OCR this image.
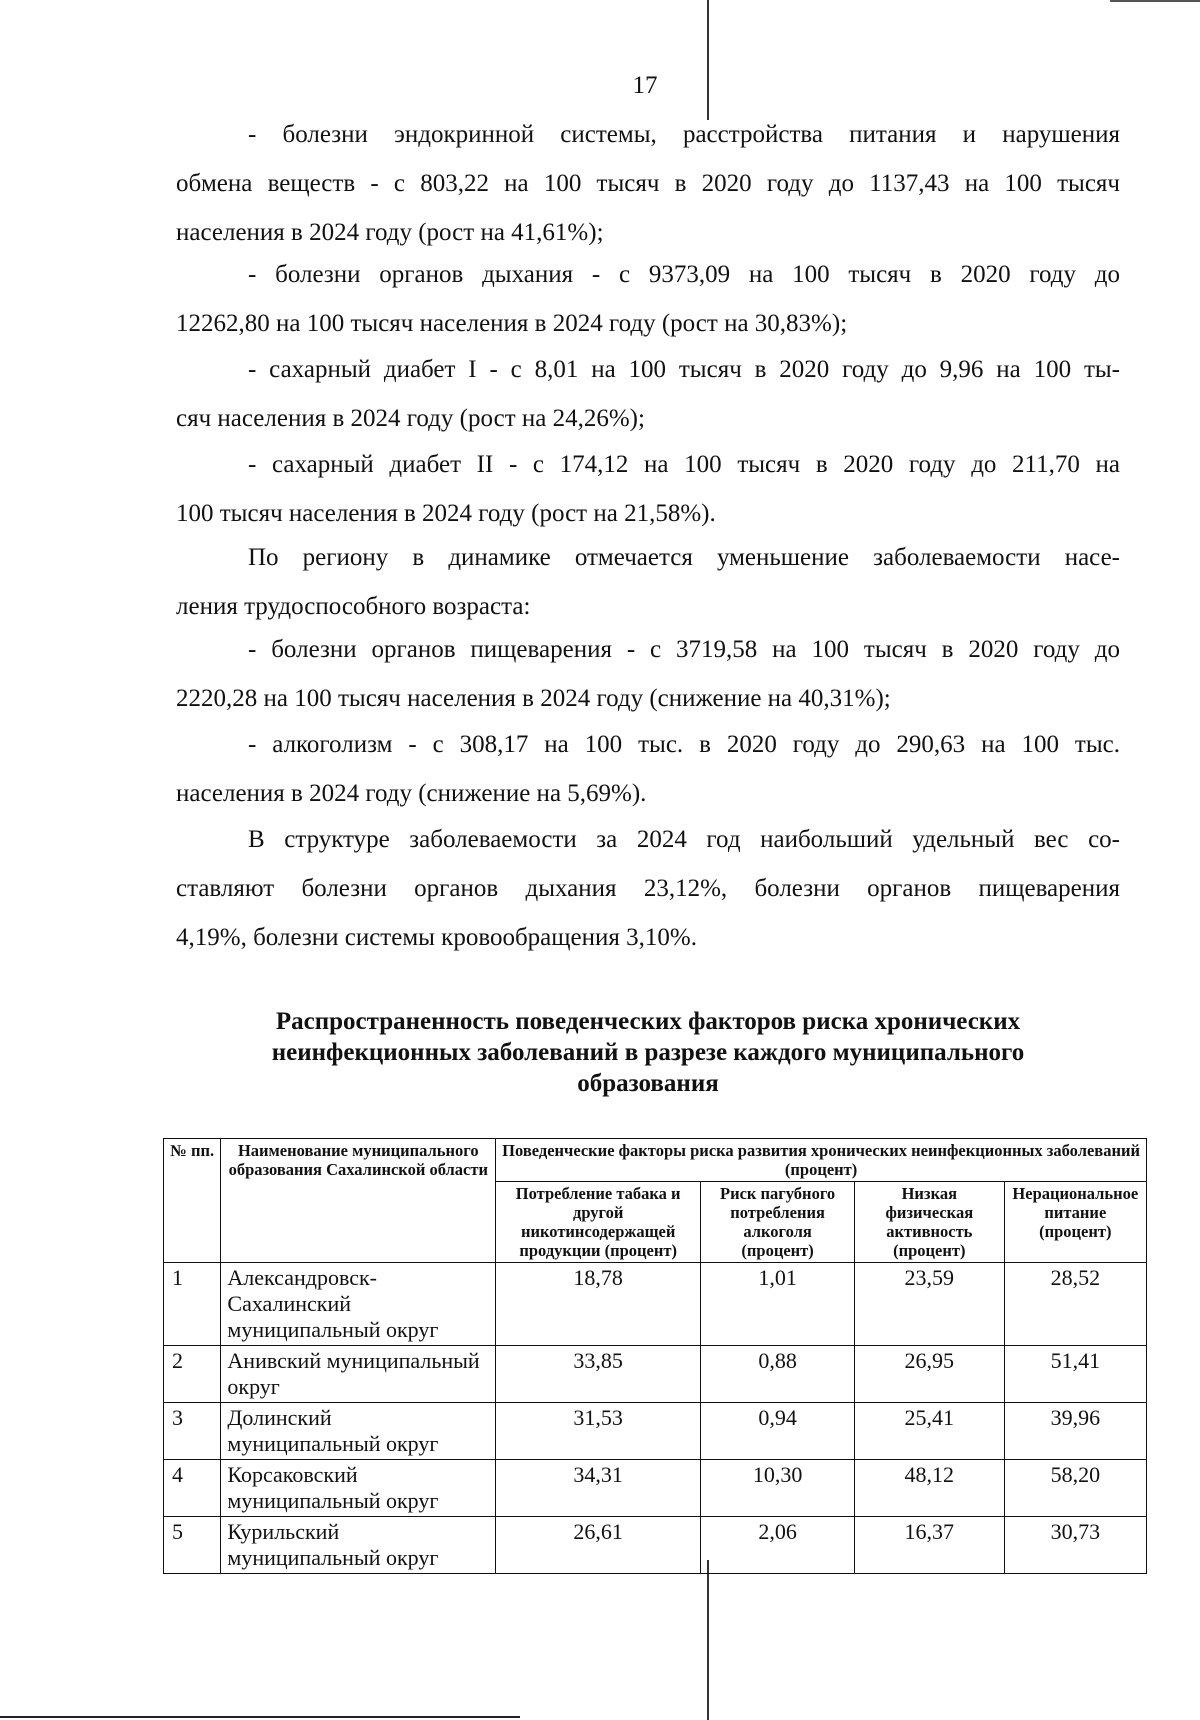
17
- болезни эндокринной системы, расстройства питания и нарушения
обмена веществ - с 803,22 на 100 тысяч в 2020 году до 1137,43 на 100 тысяч
населения в 2024 году (рост на 41,61%);
- болезни органов дыхания - с 9373,09 на 100 тысяч в 2020 году до
12262,80 на 100 тысяч населения в 2024 году (рост на 30,83%);
- сахарный диабет I - с 8,01 на 100 тысяч в 2020 году до 9,96 на 100 ты-
сяч населения в 2024 году (рост на 24,26%);
- сахарный диабет II - с 174,12 на 100 тысяч в 2020 году до 211,70 на
100 тысяч населения в 2024 году (рост на 21,58%).
По региону в динамике отмечается уменьшение заболеваемости насе-
ления трудоспособного возраста:
- болезни органов пищеварения - с 3719,58 на 100 тысяч в 2020 году до
2220,28 на 100 тысяч населения в 2024 году (снижение на 40,31%);
- алкоголизм - с 308,17 на 100 тыс. в 2020 году до 290,63 на 100 тыс.
населения в 2024 году (снижение на 5,69%).
В структуре заболеваемости за 2024 год наибольший удельный вес со-
ставляют болезни органов дыхания 23,12%, болезни органов пищеварения
4,19%, болезни системы кровообращения 3,10%.
Распространенность поведенческих факторов риска хронических
неинфекционных заболеваний в разрезе каждого муниципального
образования
№ пп.	Наименование муниципального образования Сахалинской области	Поведенческие факторы риска развития хронических неинфекционных заболеваний (процент)			
		Потребление табака и другой никотинсодержащей продукции (процент)	Риск пагубного потребления алкоголя (процент)	Низкая физическая активность (процент)	Нерациональное питание (процент)
1	Александровск-Сахалинский муниципальный округ	18,78	1,01	23,59	28,52
2	Анивский муниципальный округ	33,85	0,88	26,95	51,41
3	Долинский муниципальный округ	31,53	0,94	25,41	39,96
4	Корсаковский муниципальный округ	34,31	10,30	48,12	58,20
5	Курильский муниципальный округ	26,61	2,06	16,37	30,73
